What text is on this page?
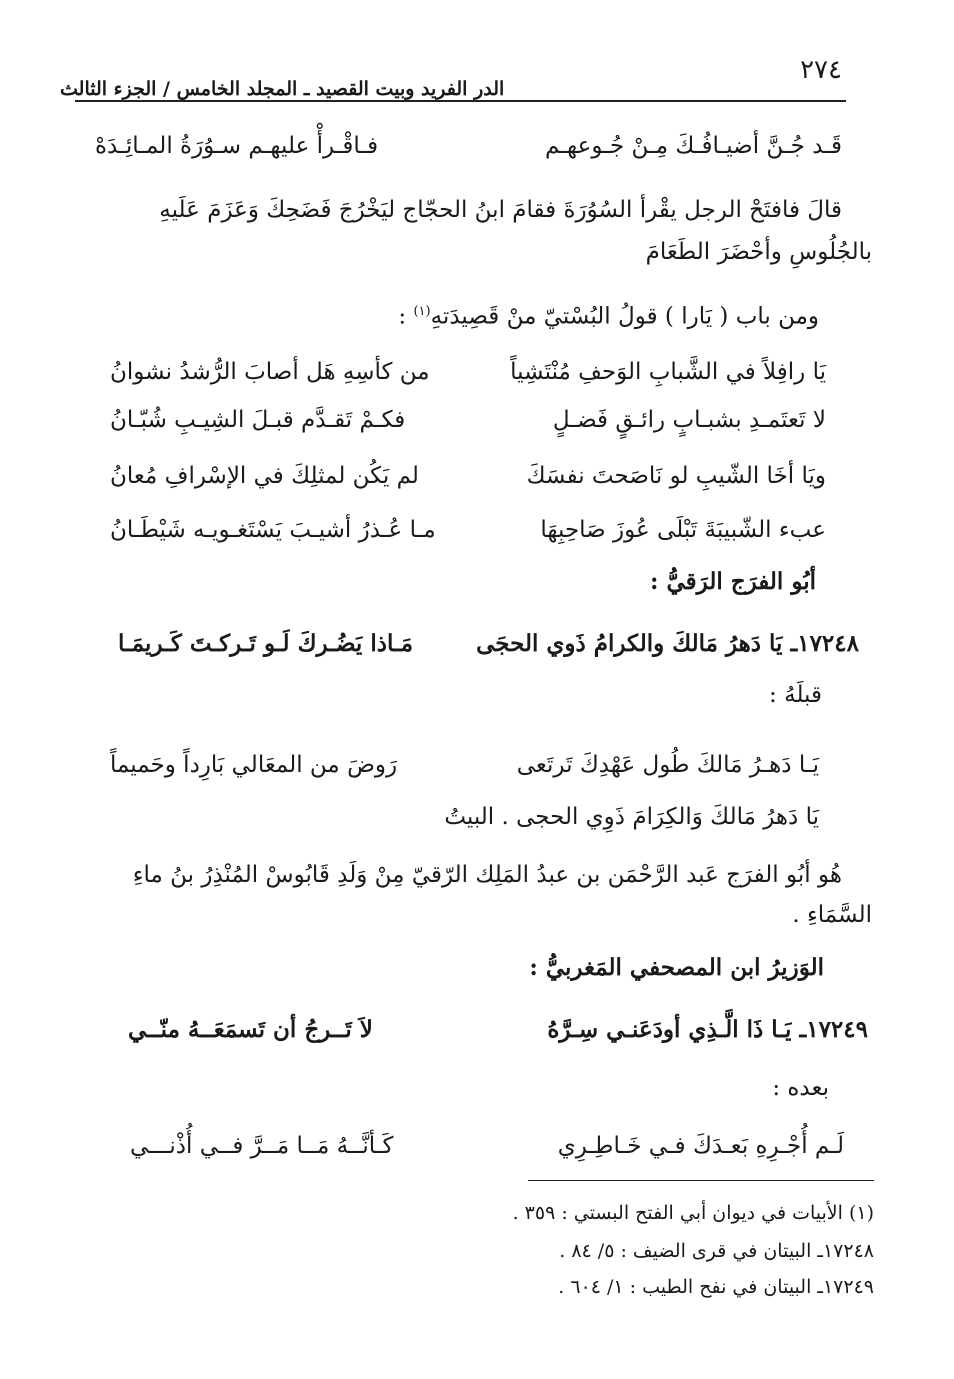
٢٧٤
الدر الفريد وبيت القصيد ـ المجلد الخامس / الجزء الثالث
قَـد جُـنَّ أضيـافُـكَ مِـنْ جُـوعهـم
فـاقْـرأْ عليهـم سـوُرَةُ المـائِـدَهْ
قالَ فافتَحْ الرجل يقْرأ السُوُرَةَ فقامَ ابنُ الحجّاج ليَخْرُجَ فَضَحِكَ وَعَزَمَ عَلَيهِ
بالجُلُوسِ وأحْضَرَ الطَعَامَ
ومن باب ( يَارا ) قولُ البُسْتيّ منْ قَصِيدَتهِ$^{(١)}$ :
يَا رافِلاً في الشَّبابِ الوَحفِ مُنْتَشِياً
من كأسِهِ هَل أصابَ الرُّشدُ نشوانُ
لا تَعتَمـدِ بشبـابٍ رائـقٍ فَضـلٍ
فكـمْ تَقـدَّم قبـلَ الشِيـبِ شُبّـانُ
ويَا أخَا الشّيبِ لو نَاصَحتَ نفسَكَ
لم يَكُن لمثلِكَ في الإسْرافِ مُعانُ
عبء الشّبيبَةَ تَبْلَى عُوزَ صَاحِبِهَا
مـا عُـذرُ أشيـبَ يَسْتَغـويـه شَيْطَـانُ
أبُو الفرَج الرَقيُّ :
١٧٢٤٨ـ يَا دَهرُ مَالكَ والكرامُ ذَوي الحجَى
مَـاذا يَضُـركَ لَـو تَـركـتَ كَـريمَـا
قبلَهُ :
يَـا دَهـرُ مَالكَ طُول عَهْدِكَ تَرتَعى
رَوضَ من المعَالي بَارِداً وحَميماً
يَا دَهرُ مَالكَ وَالكِرَامَ ذَوِي الحجى . البيتُ
هُو أبُو الفرَج عَبد الرَّحْمَن بن عبدُ المَلِك الرّقيّ مِنْ وَلَدِ قَابُوسْ المُنْذِرُ بنُ ماءِ
السَّمَاءِ .
الوَزيرُ ابن المصحفي المَغربيُّ :
١٧٢٤٩ـ يَـا ذَا الَّـذِي أودَعَنـي سِـرَّهُ
لاَ تَــرجُ أن تَسمَعَــهُ منّــي
بعده :
لَـم أُجْـرِهِ بَعـدَكَ فـي خَـاطِـرِي
كَـأنَّــهُ مَــا مَــرَّ فــي أُذْنـــي
(١) الأبيات في ديوان أبي الفتح البستي : ٣٥٩ .
١٧٢٤٨ـ البيتان في قرى الضيف : ٥/ ٨٤ .
١٧٢٤٩ـ البيتان في نفح الطيب : ١/ ٦٠٤ .
